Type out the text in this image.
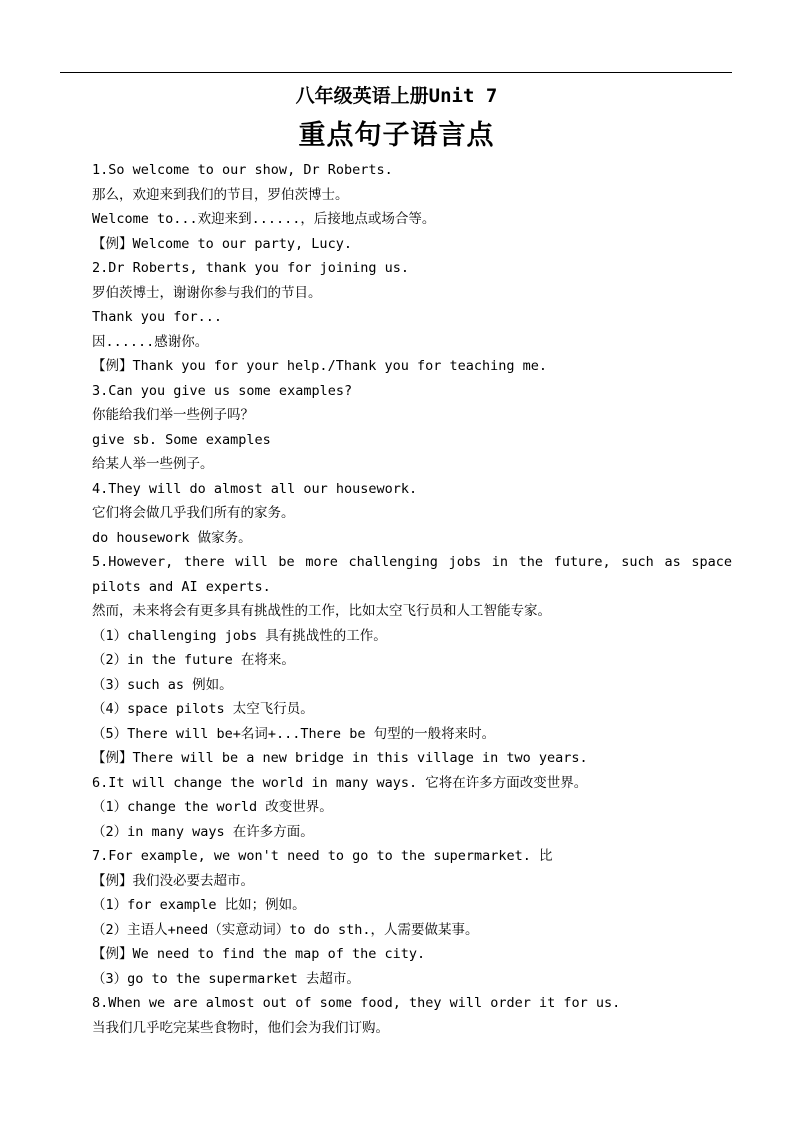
八年级英语上册Unit 7
重点句子语言点
1.So welcome to our show, Dr Roberts.
那么，欢迎来到我们的节目，罗伯茨博士。
Welcome to...欢迎来到......，后接地点或场合等。
【例】Welcome to our party, Lucy.
2.Dr Roberts, thank you for joining us.
罗伯茨博士，谢谢你参与我们的节目。
Thank you for...
因......感谢你。
【例】Thank you for your help./Thank you for teaching me.
3.Can you give us some examples?
你能给我们举一些例子吗？
give sb. Some examples
给某人举一些例子。
4.They will do almost all our housework.
它们将会做几乎我们所有的家务。
do housework 做家务。
5.However, there will be more challenging jobs in the future, such as space pilots and AI experts.
然而，未来将会有更多具有挑战性的工作，比如太空飞行员和人工智能专家。
（1）challenging jobs 具有挑战性的工作。
（2）in the future 在将来。
（3）such as 例如。
（4）space pilots 太空飞行员。
（5）There will be+名词+...There be 句型的一般将来时。
【例】There will be a new bridge in this village in two years.
6.It will change the world in many ways. 它将在许多方面改变世界。
（1）change the world 改变世界。
（2）in many ways 在许多方面。
7.For example, we won't need to go to the supermarket. 比
【例】我们没必要去超市。
（1）for example 比如；例如。
（2）主语人+need（实意动词）to do sth.，人需要做某事。
【例】We need to find the map of the city.
（3）go to the supermarket 去超市。
8.When we are almost out of some food, they will order it for us.
当我们几乎吃完某些食物时，他们会为我们订购。
